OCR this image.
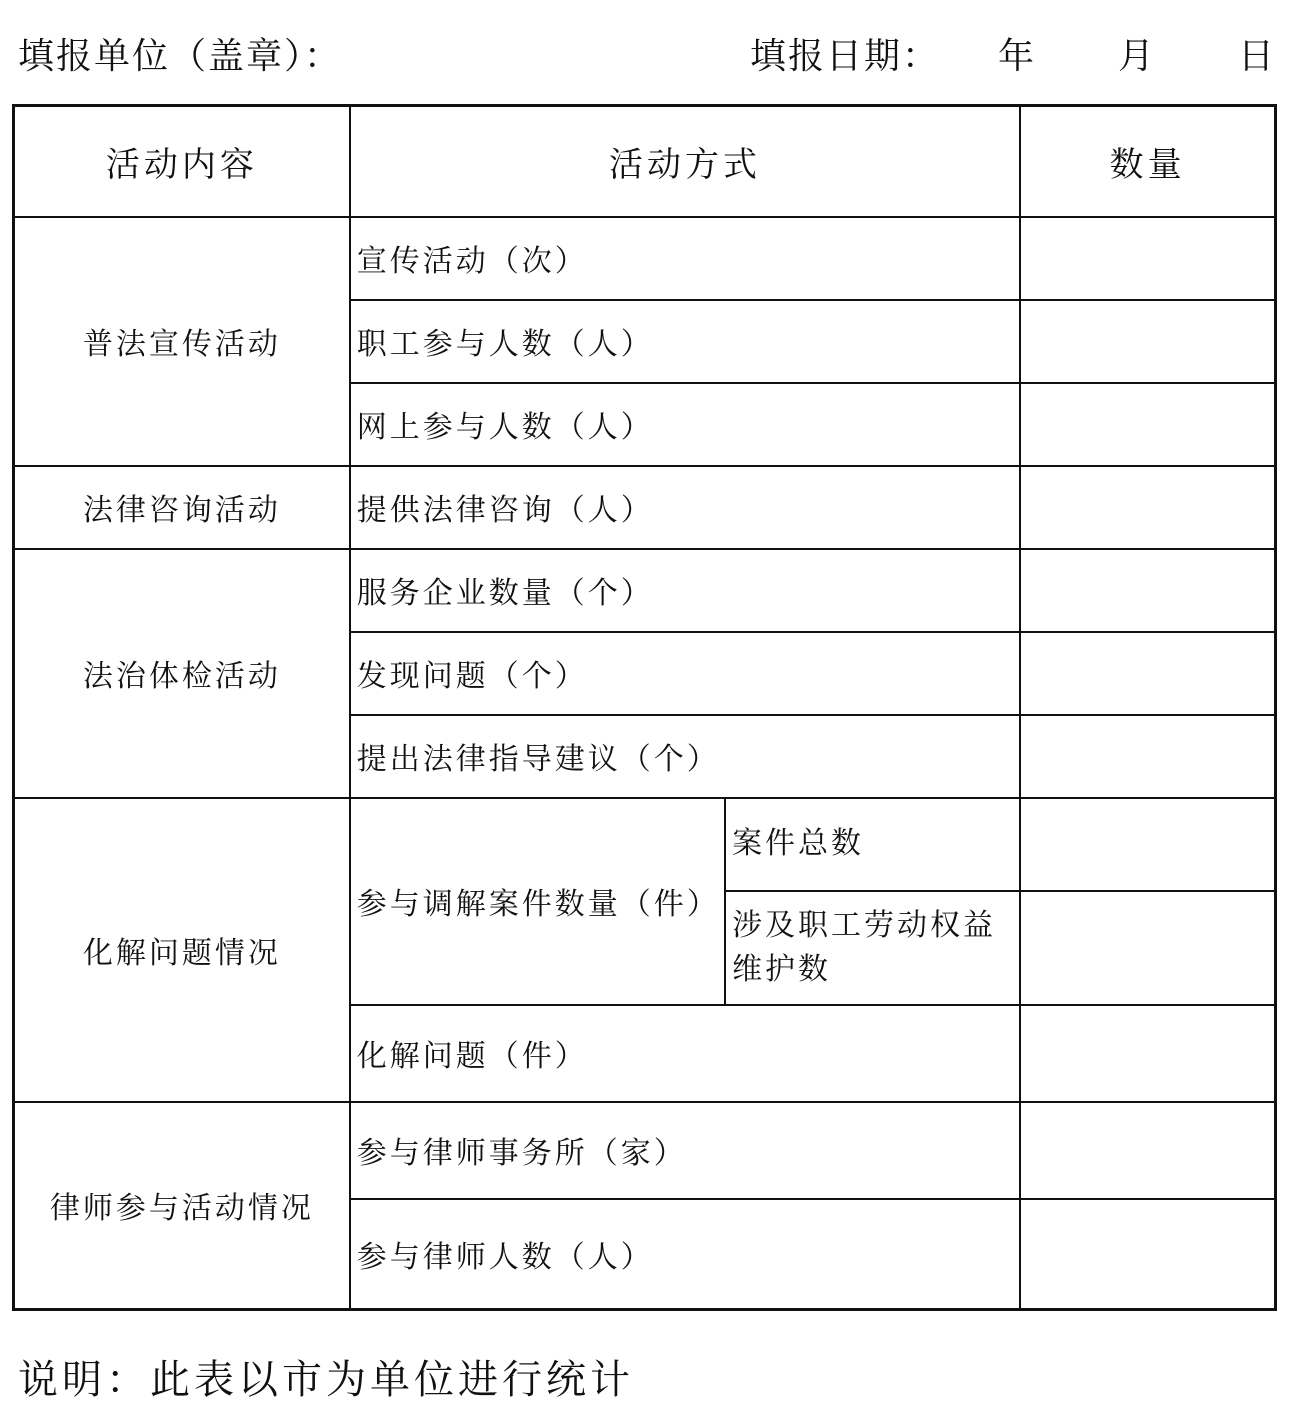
填报单位（盖章）：	填报日期： 年 月 日
活动内容	活动方式		数量
普法宣传活动	宣传活动（次）		
	职工参与人数（人）		
	网上参与人数（人）		
法律咨询活动	提供法律咨询（人）		
法治体检活动	服务企业数量（个）		
	发现问题（个）		
	提出法律指导建议（个）		
化解问题情况	参与调解案件数量（件）	案件总数	
		涉及职工劳动权益维护数	
	化解问题（件）		
律师参与活动情况	参与律师事务所（家）		
	参与律师人数（人）		
说明：此表以市为单位进行统计
